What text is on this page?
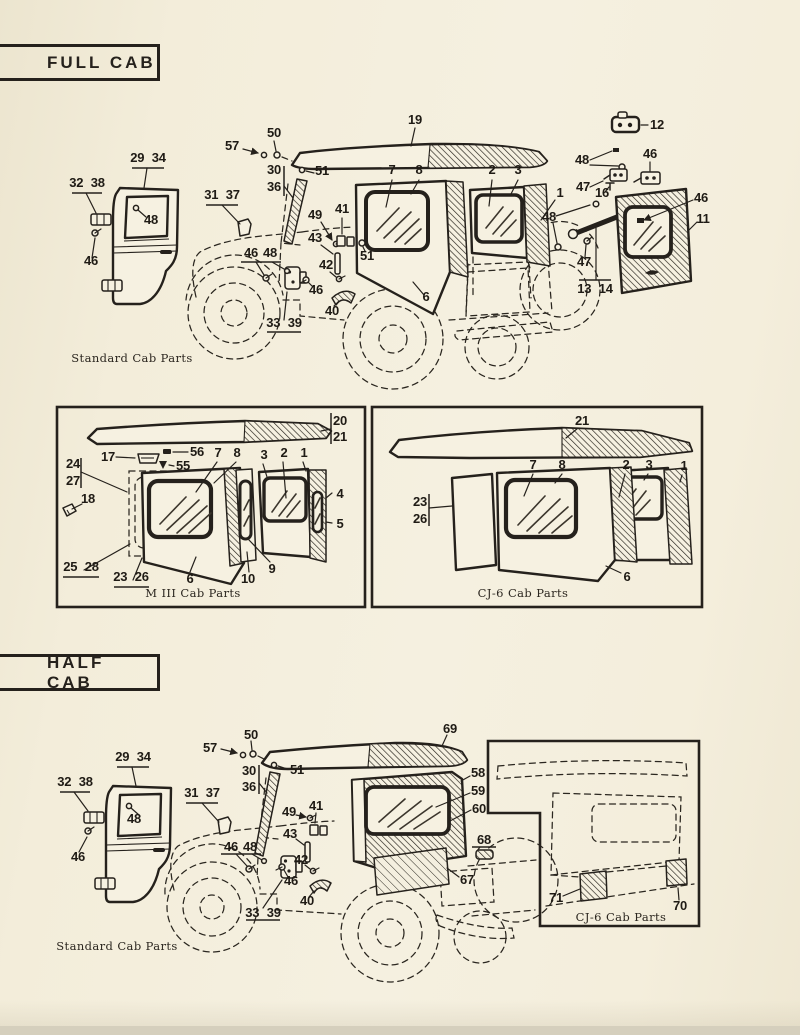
FULL CAB
HALF CAB
29 34
32 38
48
46
Standard Cab Parts
57
50
51
19
30
36
31 37
7 8	2 3
1
49 41
43
46 48
42
51
46
40
33 39
6
48
47 16
46
12
48
46
11
47
13 14
20
21
17	56
55
7 8 3 2 1
24
27
18	4
5
25 28
23 26	6
9
10
M III Cab Parts
21
7 8	2 3 1
23
26
6
CJ-6 Cab Parts
57
50
51
69
30
36
31 37
58
59
60
49 41
43
46 48
42
46
40
33 39
68
67
71
70
CJ-6 Cab Parts
29 34
32 38
48
46
Standard Cab Parts
